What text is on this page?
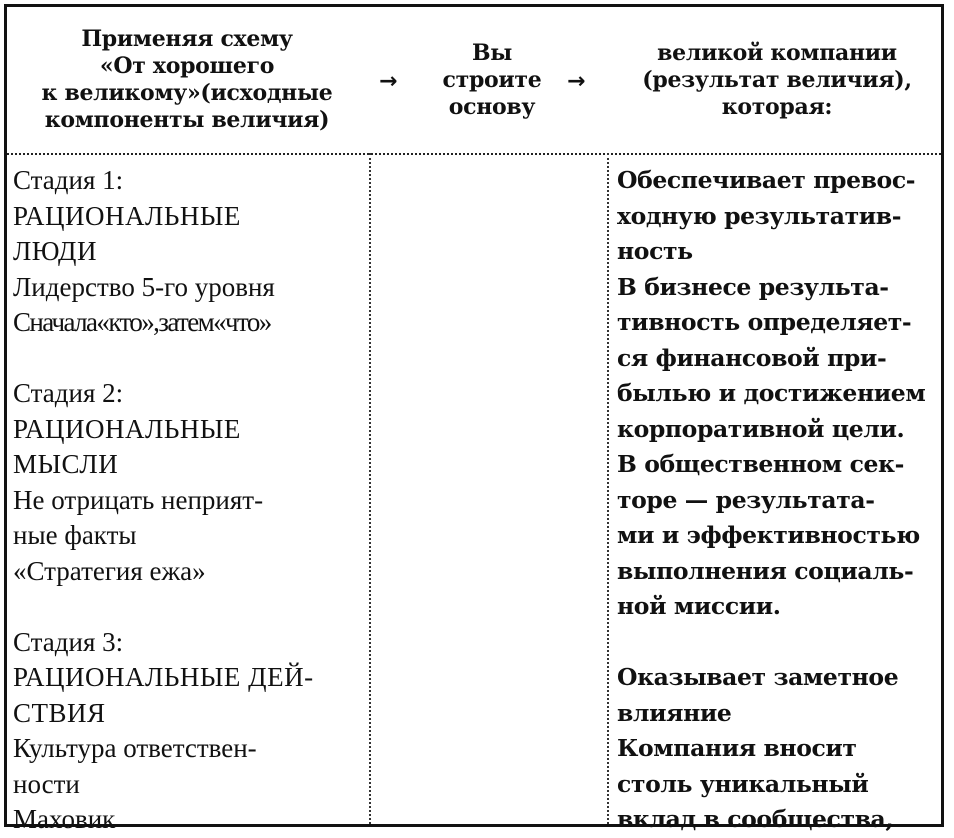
Применяя схему
«От хорошего
к великому»(исходные
компоненты величия)
→
Вы
строите
основу
→
великой компании
(результат величия),
которая:
Стадия 1:
РАЦИОНАЛЬНЫЕ
ЛЮДИ
Лидерство 5-го уровня
Сначала«кто»,затем«что»
Стадия 2:
РАЦИОНАЛЬНЫЕ
МЫСЛИ
Не отрицать неприят-
ные факты
«Стратегия ежа»
Стадия 3:
РАЦИОНАЛЬНЫЕ ДЕЙ-
СТВИЯ
Культура ответствен-
ности
Маховик
Обеспечивает превос-
ходную результатив-
ность
В бизнесе результа-
тивность определяет-
ся финансовой при-
былью и достижением
корпоративной цели.
В общественном сек-
торе — результата-
ми и эффективностью
выполнения социаль-
ной миссии.
Оказывает заметное
влияние
Компания вносит
столь уникальный
вклад в сообщества,
